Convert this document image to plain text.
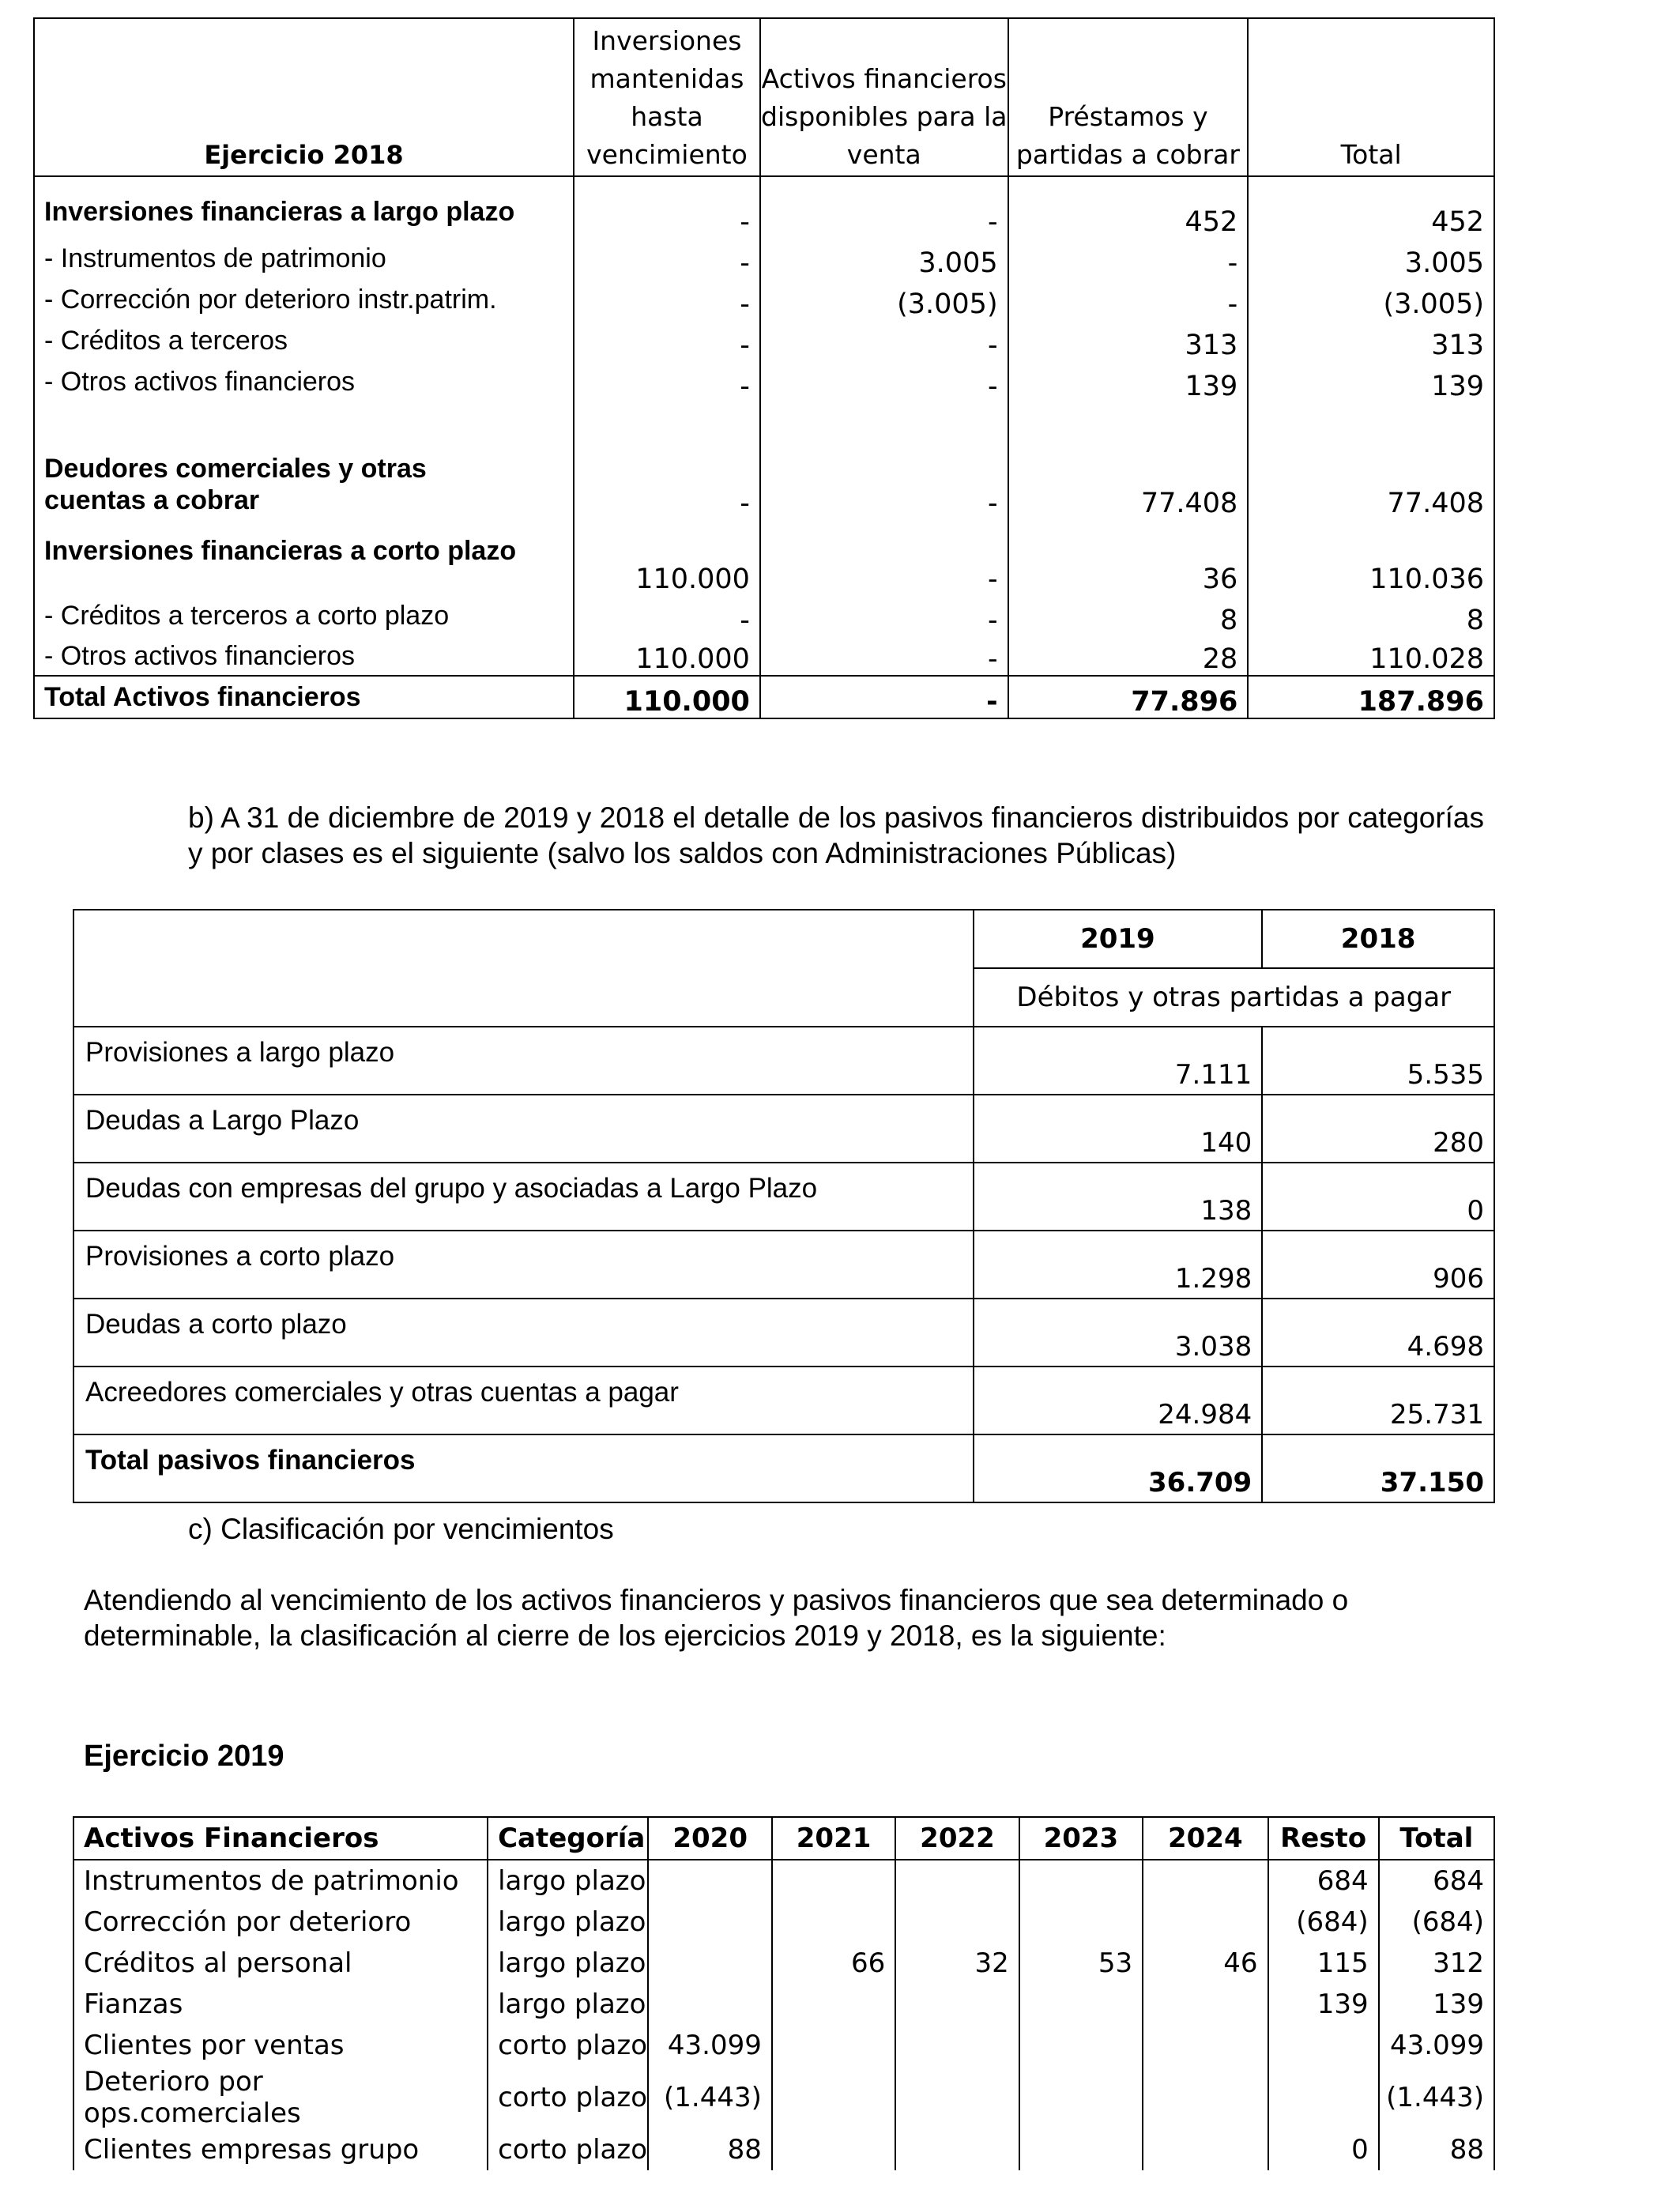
Ejercicio 2018	Inversiones mantenidas hasta vencimiento	Activos financieros disponibles para la venta	Préstamos y partidas a cobrar	Total
Inversiones financieras a largo plazo	-	-	452	452
- Instrumentos de patrimonio	-	3.005	-	3.005
- Corrección por deterioro instr.patrim.	-	(3.005)	-	(3.005)
- Créditos a terceros	-	-	313	313
- Otros activos financieros	-	-	139	139
Deudores comerciales y otras cuentas a cobrar	-	-	77.408	77.408
Inversiones financieras a corto plazo	110.000	-	36	110.036
- Créditos a terceros a corto plazo	-	-	8	8
- Otros activos financieros	110.000	-	28	110.028
Total Activos financieros	110.000	-	77.896	187.896

b) A 31 de diciembre de 2019 y 2018 el detalle de los pasivos financieros distribuidos por categorías y por clases es el siguiente (salvo los saldos con Administraciones Públicas)

	2019	2018
	Débitos y otras partidas a pagar	
Provisiones a largo plazo	7.111	5.535
Deudas a Largo Plazo	140	280
Deudas con empresas del grupo y asociadas a Largo Plazo	138	0
Provisiones a corto plazo	1.298	906
Deudas a corto plazo	3.038	4.698
Acreedores comerciales y otras cuentas a pagar	24.984	25.731
Total pasivos financieros	36.709	37.150

c) Clasificación por vencimientos

Atendiendo al vencimiento de los activos financieros y pasivos financieros que sea determinado o determinable, la clasificación al cierre de los ejercicios 2019 y 2018, es la siguiente:

Ejercicio 2019

Activos Financieros	Categoría	2020	2021	2022	2023	2024	Resto	Total
Instrumentos de patrimonio	largo plazo						684	684
Corrección por deterioro	largo plazo						(684)	(684)
Créditos al personal	largo plazo		66	32	53	46	115	312
Fianzas	largo plazo						139	139
Clientes por ventas	corto plazo	43.099						43.099
Deterioro por ops.comerciales	corto plazo	(1.443)						(1.443)
Clientes empresas grupo	corto plazo	88					0	88
